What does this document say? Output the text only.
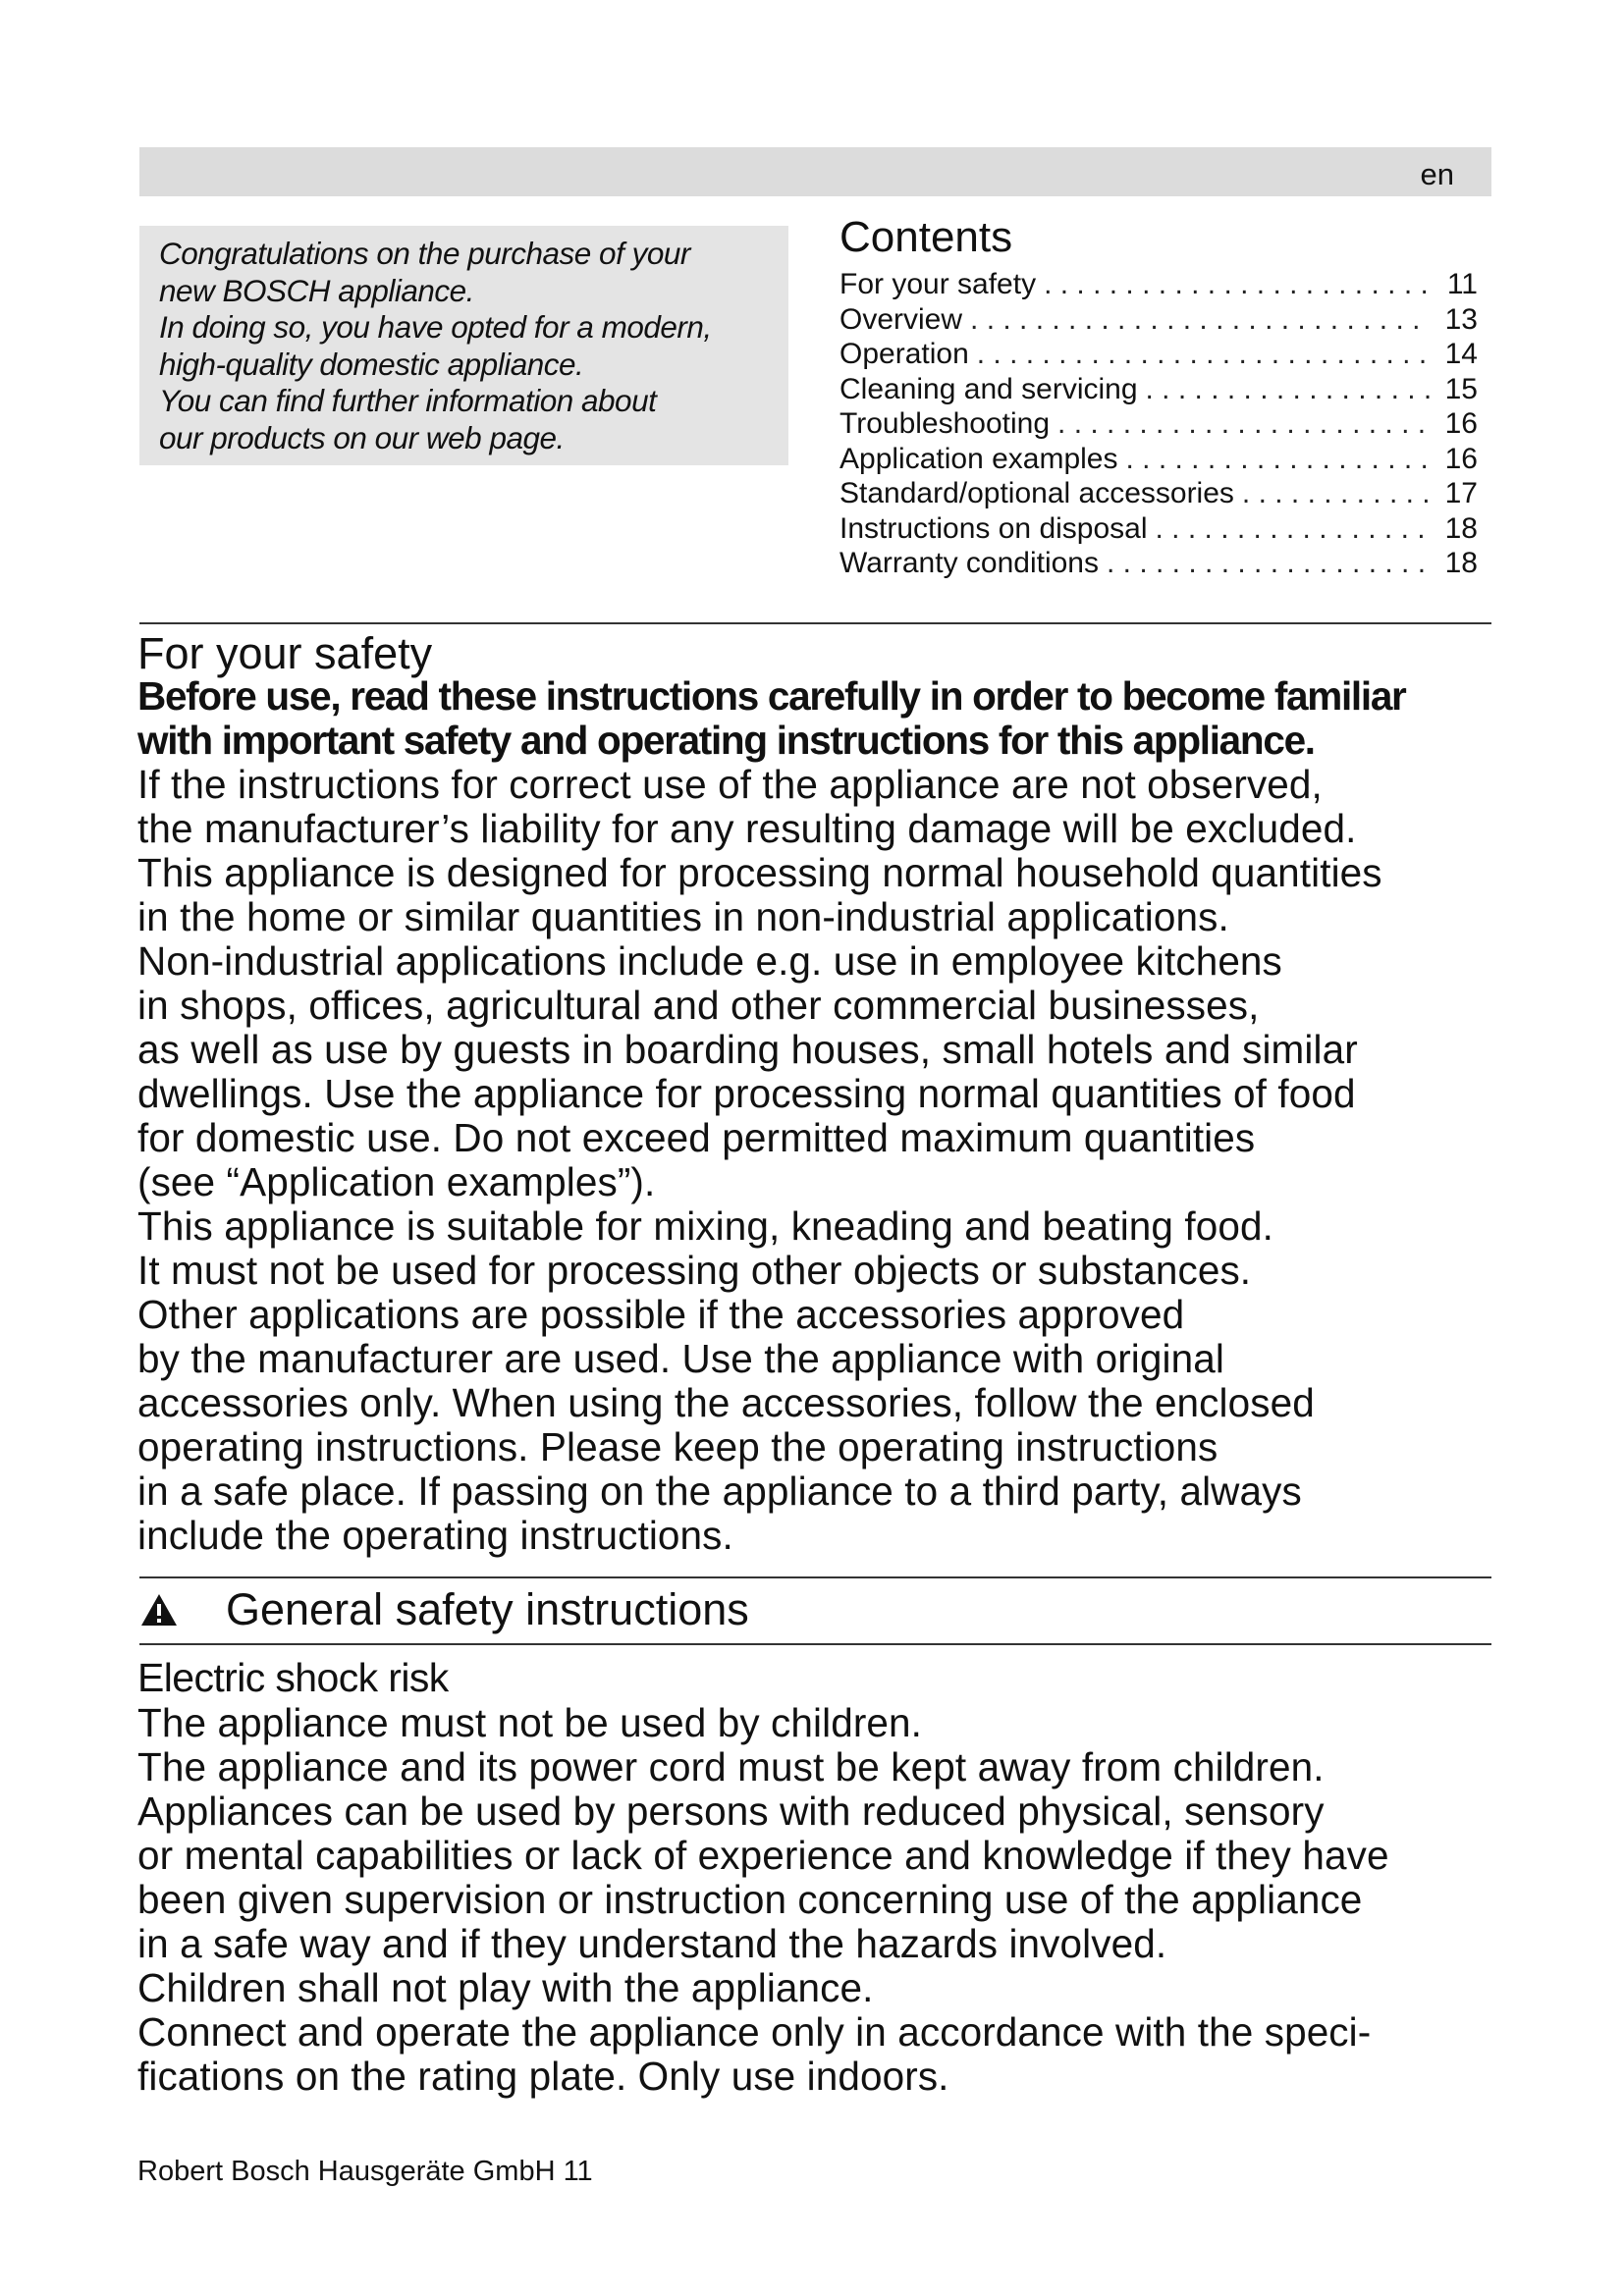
en
Congratulations on the purchase of your
new BOSCH appliance.
In doing so, you have opted for a modern,
high-quality domestic appliance.
You can find further information about
our products on our web page.
Contents
For your safety . . .	11
Overview . . .	13
Operation . . .	14
Cleaning and servicing . . .	15
Troubleshooting . . .	16
Application examples . . .	16
Standard/optional accessories . . .	17
Instructions on disposal . . .	18
Warranty conditions . . .	18
For your safety
Before use, read these instructions carefully in order to become familiar
with important safety and operating instructions for this appliance.
If the instructions for correct use of the appliance are not observed,
the manufacturer’s liability for any resulting damage will be excluded.
This appliance is designed for processing normal household quantities
in the home or similar quantities in non-industrial applications.
Non-industrial applications include e.g. use in employee kitchens
in shops, offices, agricultural and other commercial businesses,
as well as use by guests in boarding houses, small hotels and similar
dwellings. Use the appliance for processing normal quantities of food
for domestic use. Do not exceed permitted maximum quantities
(see “Application examples”).
This appliance is suitable for mixing, kneading and beating food.
It must not be used for processing other objects or substances.
Other applications are possible if the accessories approved
by the manufacturer are used. Use the appliance with original
accessories only. When using the accessories, follow the enclosed
operating instructions. Please keep the operating instructions
in a safe place. If passing on the appliance to a third party, always
include the operating instructions.
General safety instructions
Electric shock risk
The appliance must not be used by children.
The appliance and its power cord must be kept away from children.
Appliances can be used by persons with reduced physical, sensory
or mental capabilities or lack of experience and knowledge if they have
been given supervision or instruction concerning use of the appliance
in a safe way and if they understand the hazards involved.
Children shall not play with the appliance.
Connect and operate the appliance only in accordance with the speci-
fications on the rating plate. Only use indoors.
Robert Bosch Hausgeräte GmbH 11
